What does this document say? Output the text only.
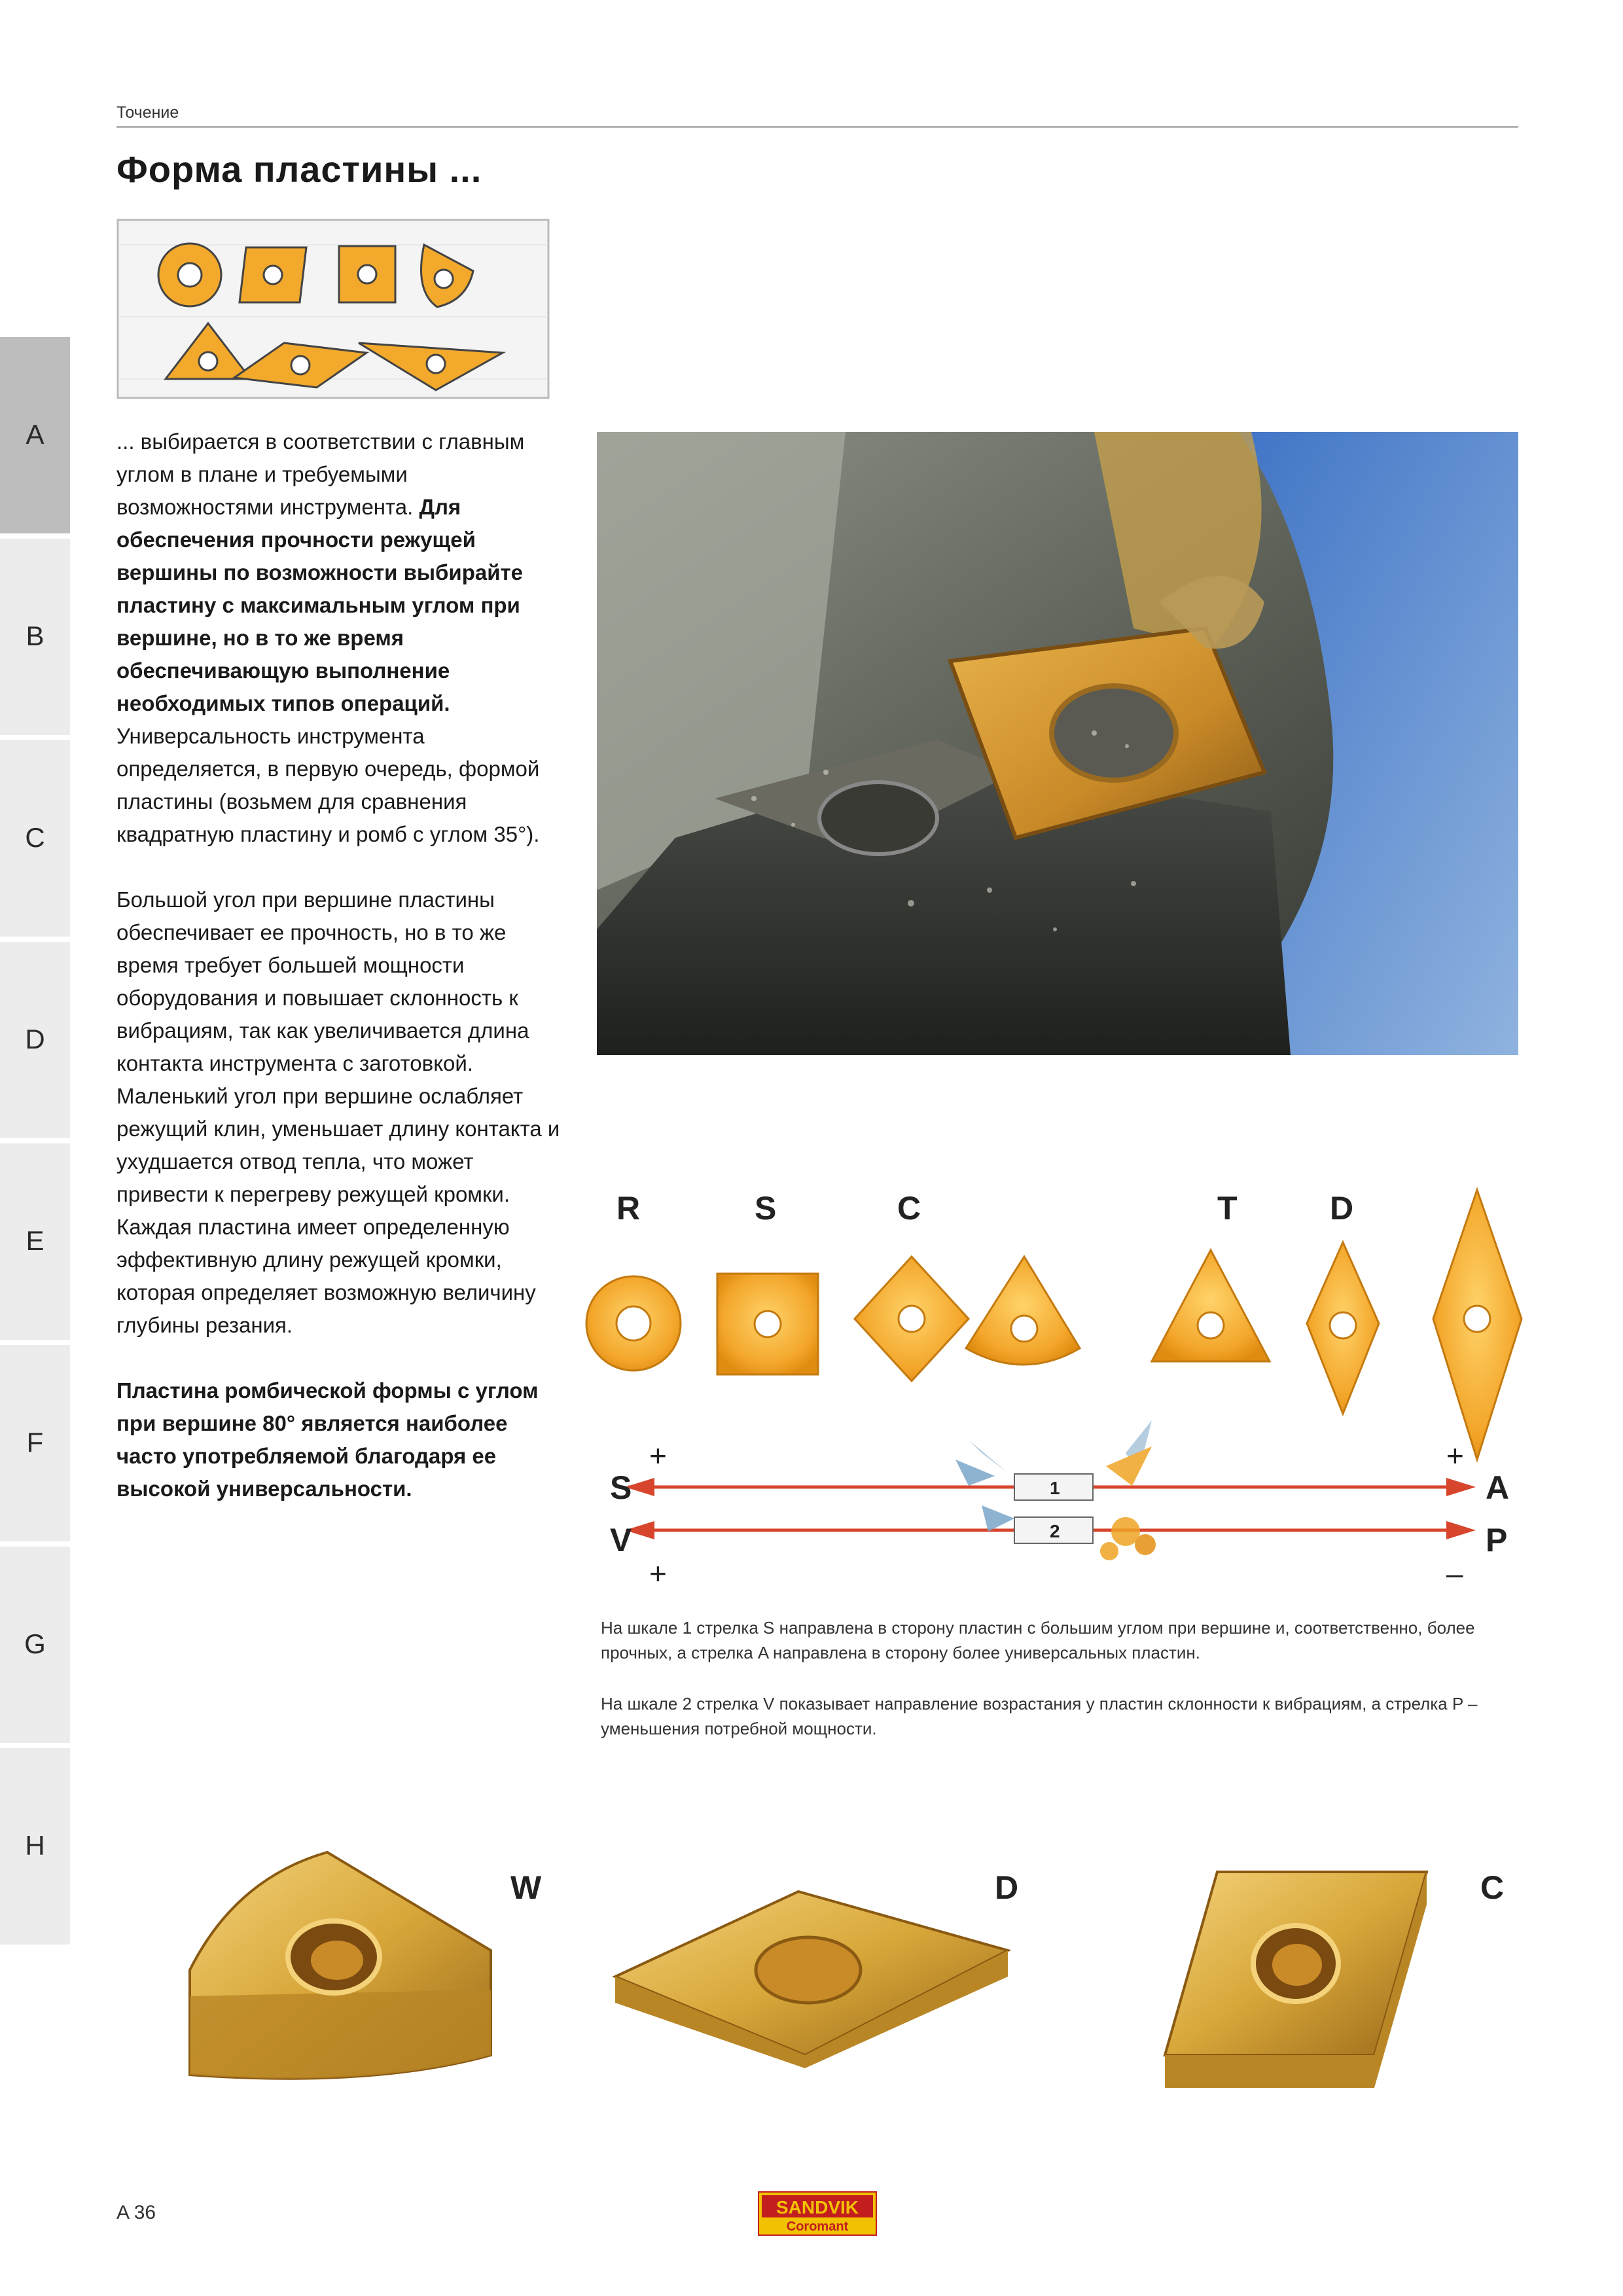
Точение
Форма пластины ...
A
B
C
D
E
F
G
H

... выбирается в соответствии с главным углом в плане и требуемыми возможностями инструмента. Для обеспечения прочности режущей вершины по возможности выбирайте пластину с максимальным углом при вершине, но в то же время обеспечивающую выполнение необходимых типов операций. Универсальность инструмента определяется, в первую очередь, формой пластины (возьмем для сравнения квадратную пластину и ромб с углом 35°).

Большой угол при вершине пластины обеспечивает ее прочность, но в то же время требует большей мощности оборудования и повышает склонность к вибрациям, так как увеличивается длина контакта инструмента с заготовкой. Маленький угол при вершине ослабляет режущий клин, уменьшает длину контакта и ухудшается отвод тепла, что может привести к перегреву режущей кромки. Каждая пластина имеет определенную эффективную длину режущей кромки, которая определяет возможную величину глубины резания.

Пластина ромбической формы с углом при вершине 80° является наиболее часто употребляемой благодаря ее высокой универсальности.

R	S	C	T	D
1
2
S
V
A
P
+
+
+
–
На шкале 1 стрелка S направлена в сторону пластин с большим углом при вершине и, соответственно, более прочных, а стрелка A направлена в сторону более универсальных пластин.
На шкале 2 стрелка V показывает направление возрастания у пластин склонности к вибрациям, а стрелка P – уменьшения потребной мощности.
W	D	C
A 36	SANDVIK
Coromant
